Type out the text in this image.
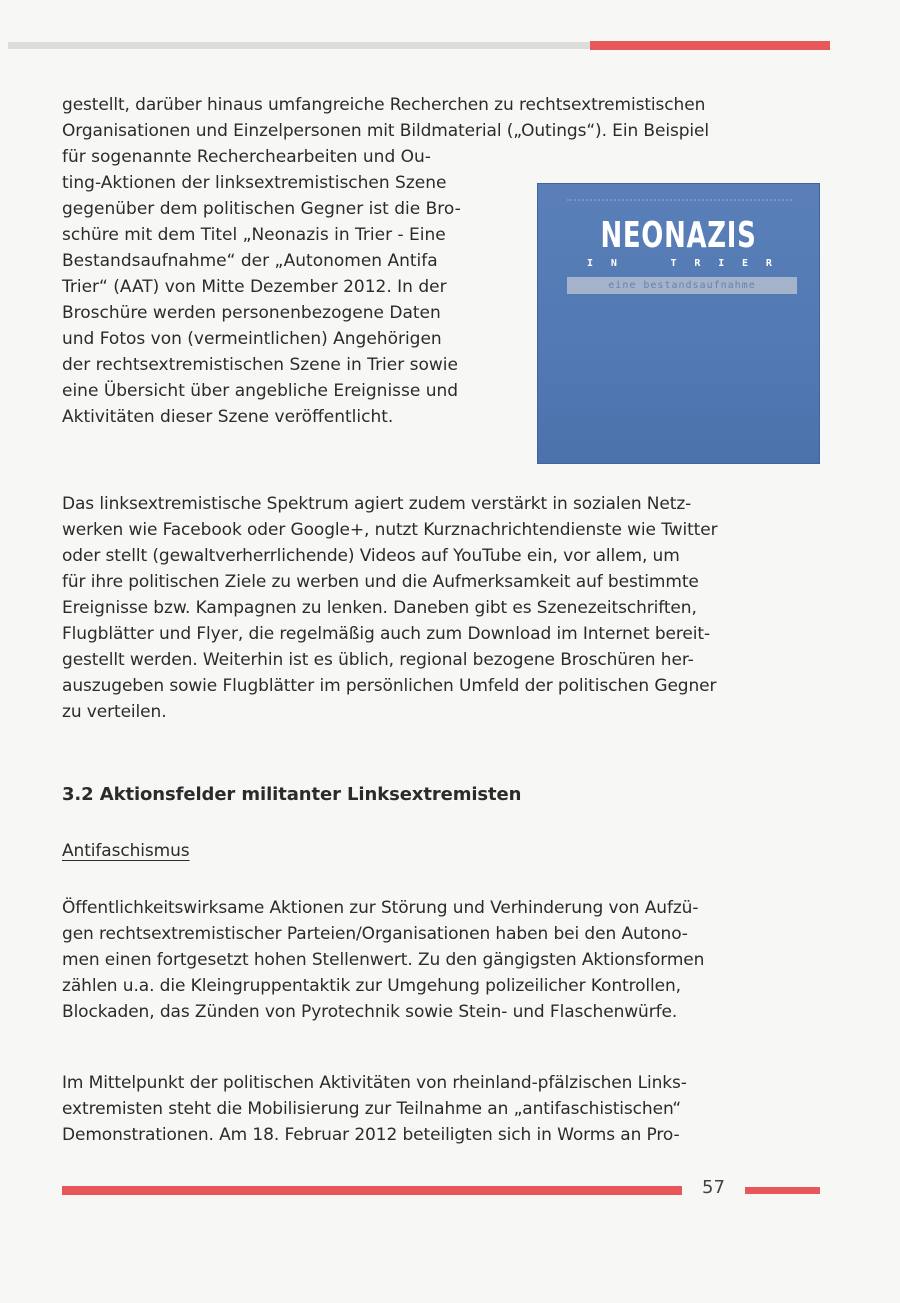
gestellt, darüber hinaus umfangreiche Recherchen zu rechtsextremistischen
Organisationen und Einzelpersonen mit Bildmaterial („Outings“). Ein Beispiel
für sogenannte Recherchearbeiten und Ou-
ting-Aktionen der linksextremistischen Szene
gegenüber dem politischen Gegner ist die Bro-
schüre mit dem Titel „Neonazis in Trier - Eine
Bestandsaufnahme“ der „Autonomen Antifa
Trier“ (AAT) von Mitte Dezember 2012. In der
Broschüre werden personenbezogene Daten
und Fotos von (vermeintlichen) Angehörigen
der rechtsextremistischen Szene in Trier sowie
eine Übersicht über angebliche Ereignisse und
Aktivitäten dieser Szene veröffentlicht.
NEONAZIS
I N	T R I E R
eine bestandsaufnahme
Das linksextremistische Spektrum agiert zudem verstärkt in sozialen Netz-
werken wie Facebook oder Google+, nutzt Kurznachrichtendienste wie Twitter
oder stellt (gewaltverherrlichende) Videos auf YouTube ein, vor allem, um
für ihre politischen Ziele zu werben und die Aufmerksamkeit auf bestimmte
Ereignisse bzw. Kampagnen zu lenken. Daneben gibt es Szenezeitschriften,
Flugblätter und Flyer, die regelmäßig auch zum Download im Internet bereit-
gestellt werden. Weiterhin ist es üblich, regional bezogene Broschüren her-
auszugeben sowie Flugblätter im persönlichen Umfeld der politischen Gegner
zu verteilen.
3.2 Aktionsfelder militanter Linksextremisten
Antifaschismus
Öffentlichkeitswirksame Aktionen zur Störung und Verhinderung von Aufzü-
gen rechtsextremistischer Parteien/Organisationen haben bei den Autono-
men einen fortgesetzt hohen Stellenwert. Zu den gängigsten Aktionsformen
zählen u.a. die Kleingruppentaktik zur Umgehung polizeilicher Kontrollen,
Blockaden, das Zünden von Pyrotechnik sowie Stein- und Flaschenwürfe.
Im Mittelpunkt der politischen Aktivitäten von rheinland-pfälzischen Links-
extremisten steht die Mobilisierung zur Teilnahme an „antifaschistischen“
Demonstrationen. Am 18. Februar 2012 beteiligten sich in Worms an Pro-
57
